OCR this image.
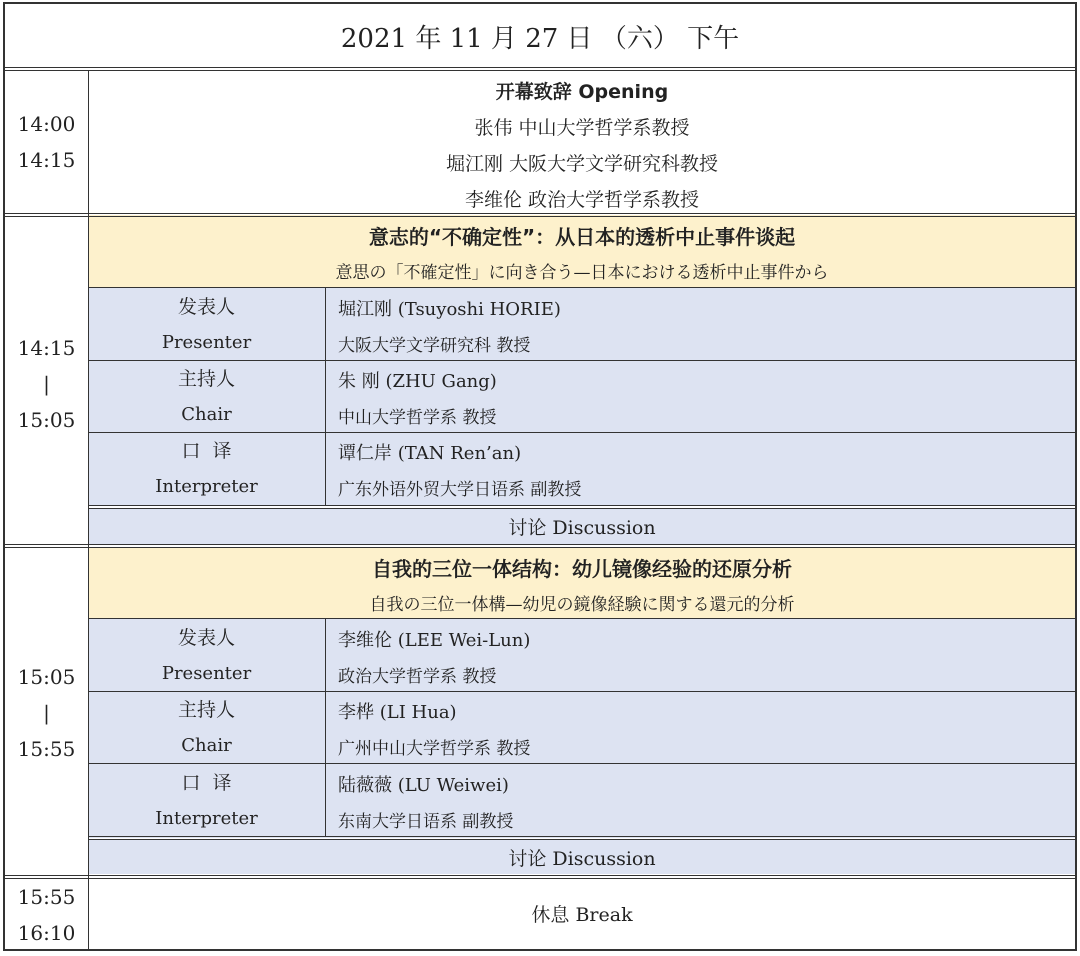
2021 年 11 月 27 日 （六） 下午
14:00
14:15
开幕致辞 Opening
张伟 中山大学哲学系教授
堀江刚 大阪大学文学研究科教授
李维伦 政治大学哲学系教授
14:15
|
15:05
意志的“不确定性”：从日本的透析中止事件谈起
意思の「不確定性」に向き合う—日本における透析中止事件から
发表人
Presenter
堀江刚 (Tsuyoshi HORIE)
大阪大学文学研究科 教授
主持人
Chair
朱 刚 (ZHU Gang)
中山大学哲学系 教授
口  译
Interpreter
谭仁岸 (TAN Ren’an)
广东外语外贸大学日语系 副教授
讨论 Discussion
15:05
|
15:55
自我的三位一体结构：幼儿镜像经验的还原分析
自我の三位一体構—幼児の鏡像経験に関する還元的分析
发表人
Presenter
李维伦 (LEE Wei-Lun)
政治大学哲学系 教授
主持人
Chair
李桦 (LI Hua)
广州中山大学哲学系 教授
口  译
Interpreter
陆薇薇 (LU Weiwei)
东南大学日语系 副教授
讨论 Discussion
15:55
16:10
休息 Break
